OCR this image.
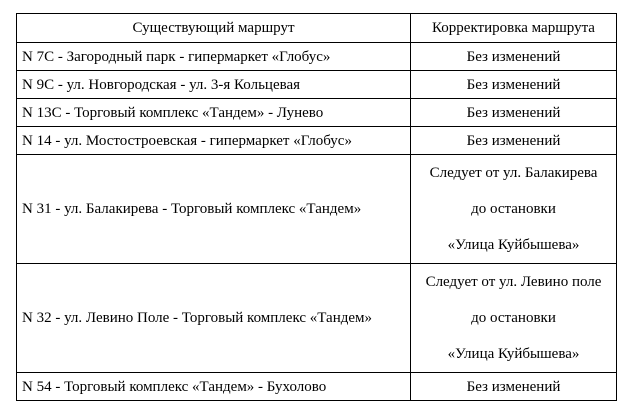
Существующий маршрут	Корректировка маршрута
N 7С - Загородный парк - гипермаркет «Глобус»	Без изменений
N 9С - ул. Новгородская - ул. 3-я Кольцевая	Без изменений
N 13С - Торговый комплекс «Тандем» - Лунево	Без изменений
N 14 - ул. Мостостроевская - гипермаркет «Глобус»	Без изменений
N 31 - ул. Балакирева - Торговый комплекс «Тандем»	Следует от ул. Балакирева
до остановки
«Улица Куйбышева»

N 32 - ул. Левино Поле - Торговый комплекс «Тандем»	Следует от ул. Левино поле
до остановки
«Улица Куйбышева»

N 54 - Торговый комплекс «Тандем» - Бухолово	Без изменений
